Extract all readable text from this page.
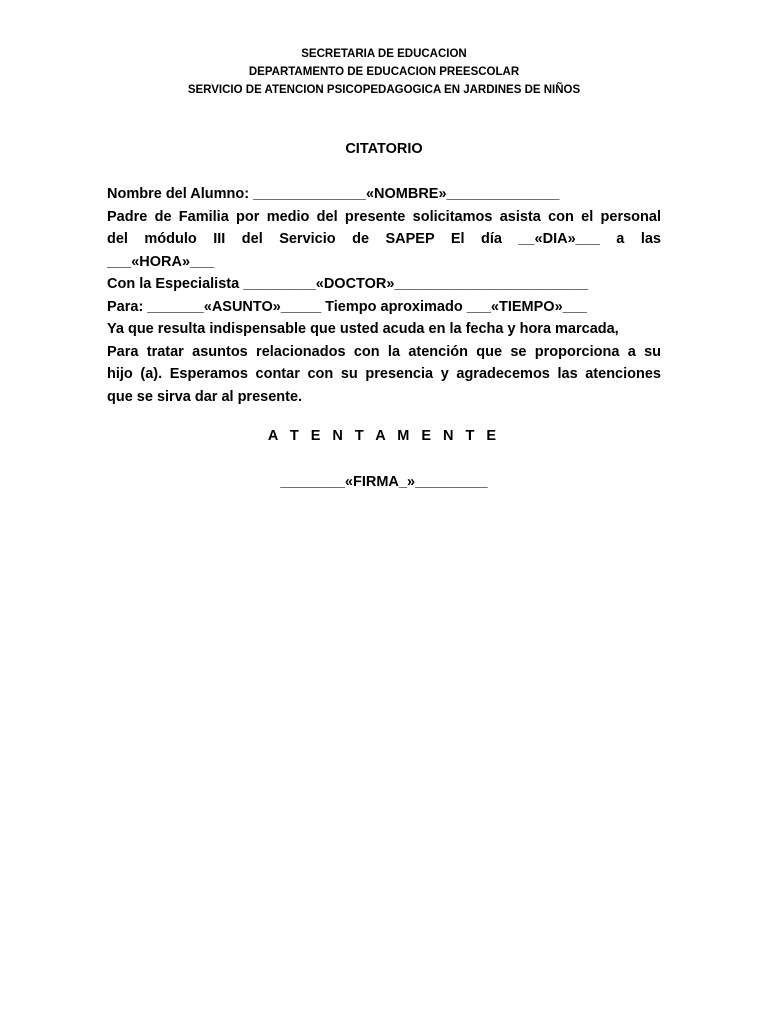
SECRETARIA DE EDUCACION
DEPARTAMENTO DE EDUCACION PREESCOLAR
SERVICIO DE ATENCION PSICOPEDAGOGICA EN JARDINES DE NIÑOS
CITATORIO
Nombre del Alumno: ______________«NOMBRE»______________
Padre de Familia por medio del presente solicitamos asista con el personal
del módulo III del Servicio de SAPEP El día __«DIA»___ a las
___«HORA»___
Con la Especialista _________«DOCTOR»________________________
Para: _______«ASUNTO»_____ Tiempo aproximado ___«TIEMPO»___
Ya que resulta indispensable que usted acuda en la fecha y hora marcada,
Para tratar asuntos relacionados con la atención que se proporciona a su
hijo (a). Esperamos contar con su presencia y agradecemos las atenciones
que se sirva dar al presente.
A T E N T A M E N T E
________«FIRMA_»_________
